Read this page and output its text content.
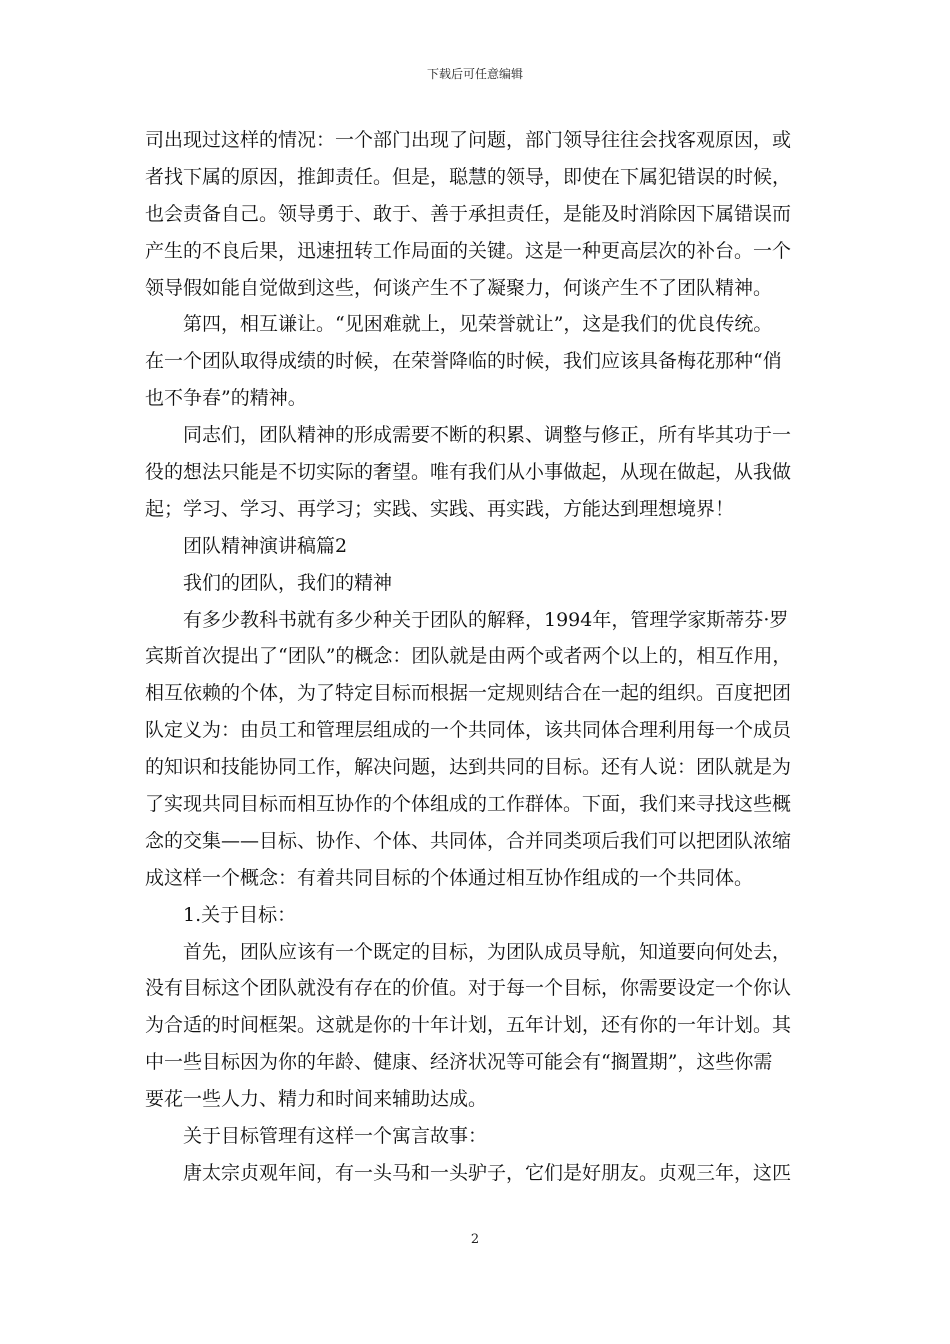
下载后可任意编辑
司出现过这样的情况：一个部门出现了问题，部门领导往往会找客观原因，或
者找下属的原因，推卸责任。但是，聪慧的领导，即使在下属犯错误的时候，
也会责备自己。领导勇于、敢于、善于承担责任，是能及时消除因下属错误而
产生的不良后果，迅速扭转工作局面的关键。这是一种更高层次的补台。一个
领导假如能自觉做到这些，何谈产生不了凝聚力，何谈产生不了团队精神。
第四，相互谦让。“见困难就上，见荣誉就让”，这是我们的优良传统。
在一个团队取得成绩的时候，在荣誉降临的时候，我们应该具备梅花那种“俏
也不争春”的精神。
同志们，团队精神的形成需要不断的积累、调整与修正，所有毕其功于一
役的想法只能是不切实际的奢望。唯有我们从小事做起，从现在做起，从我做
起；学习、学习、再学习；实践、实践、再实践，方能达到理想境界！
团队精神演讲稿篇2
我们的团队，我们的精神
有多少教科书就有多少种关于团队的解释，1994年，管理学家斯蒂芬·罗
宾斯首次提出了“团队”的概念：团队就是由两个或者两个以上的，相互作用，
相互依赖的个体，为了特定目标而根据一定规则结合在一起的组织。百度把团
队定义为：由员工和管理层组成的一个共同体，该共同体合理利用每一个成员
的知识和技能协同工作，解决问题，达到共同的目标。还有人说：团队就是为
了实现共同目标而相互协作的个体组成的工作群体。下面，我们来寻找这些概
念的交集——目标、协作、个体、共同体，合并同类项后我们可以把团队浓缩
成这样一个概念：有着共同目标的个体通过相互协作组成的一个共同体。
1.关于目标：
首先，团队应该有一个既定的目标，为团队成员导航，知道要向何处去，
没有目标这个团队就没有存在的价值。对于每一个目标，你需要设定一个你认
为合适的时间框架。这就是你的十年计划，五年计划，还有你的一年计划。其
中一些目标因为你的年龄、健康、经济状况等可能会有“搁置期”，这些你需
要花一些人力、精力和时间来辅助达成。
关于目标管理有这样一个寓言故事：
唐太宗贞观年间，有一头马和一头驴子，它们是好朋友。贞观三年，这匹
2
